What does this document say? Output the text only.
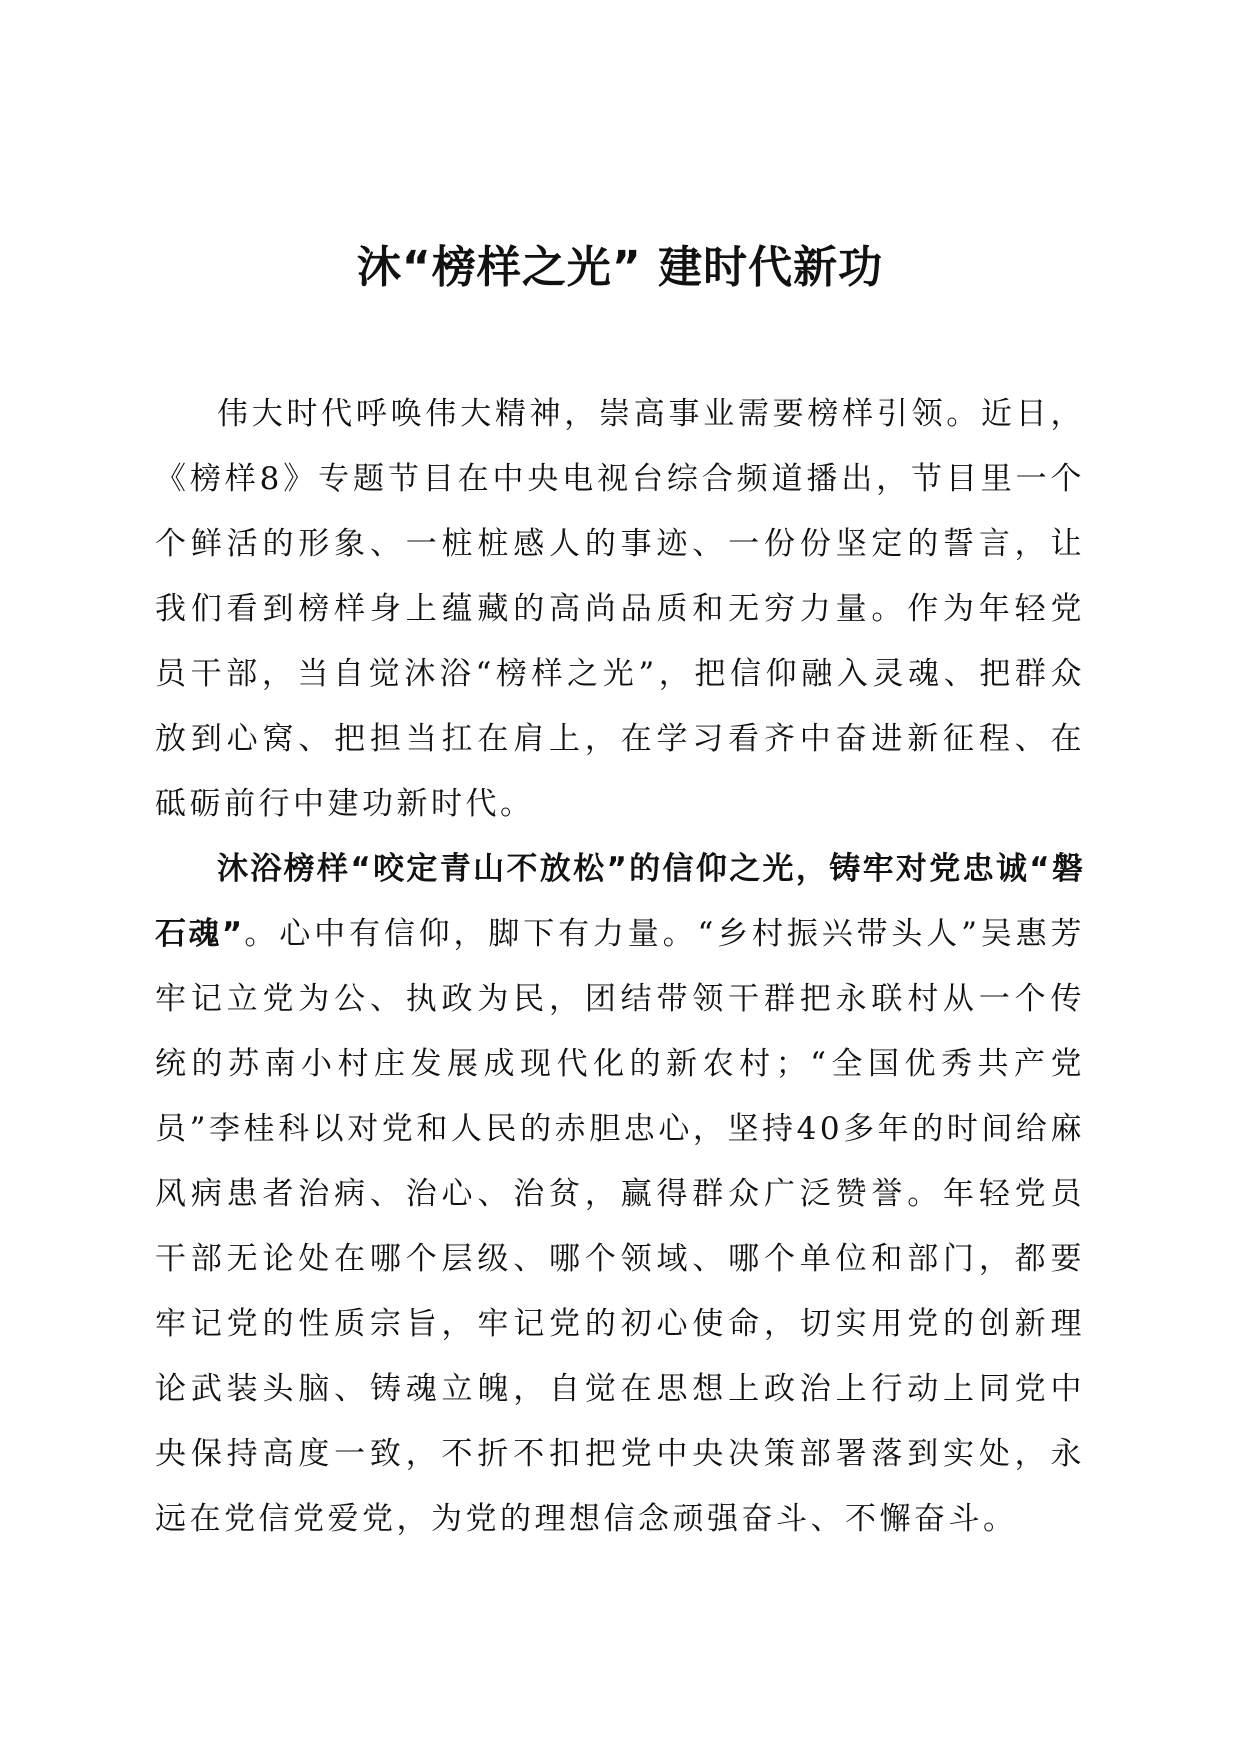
沐“榜样之光” 建时代新功

伟大时代呼唤伟大精神，崇高事业需要榜样引领。近日，《榜样8》专题节目在中央电视台综合频道播出，节目里一个个鲜活的形象、一桩桩感人的事迹、一份份坚定的誓言，让我们看到榜样身上蕴藏的高尚品质和无穷力量。作为年轻党员干部，当自觉沐浴“榜样之光”，把信仰融入灵魂、把群众放到心窝、把担当扛在肩上，在学习看齐中奋进新征程、在砥砺前行中建功新时代。

沐浴榜样“咬定青山不放松”的信仰之光，铸牢对党忠诚“磐石魂”。心中有信仰，脚下有力量。“乡村振兴带头人”吴惠芳牢记立党为公、执政为民，团结带领干群把永联村从一个传统的苏南小村庄发展成现代化的新农村；“全国优秀共产党员”李桂科以对党和人民的赤胆忠心，坚持40多年的时间给麻风病患者治病、治心、治贫，赢得群众广泛赞誉。年轻党员干部无论处在哪个层级、哪个领域、哪个单位和部门，都要牢记党的性质宗旨，牢记党的初心使命，切实用党的创新理论武装头脑、铸魂立魄，自觉在思想上政治上行动上同党中央保持高度一致，不折不扣把党中央决策部署落到实处，永远在党信党爱党，为党的理想信念顽强奋斗、不懈奋斗。
